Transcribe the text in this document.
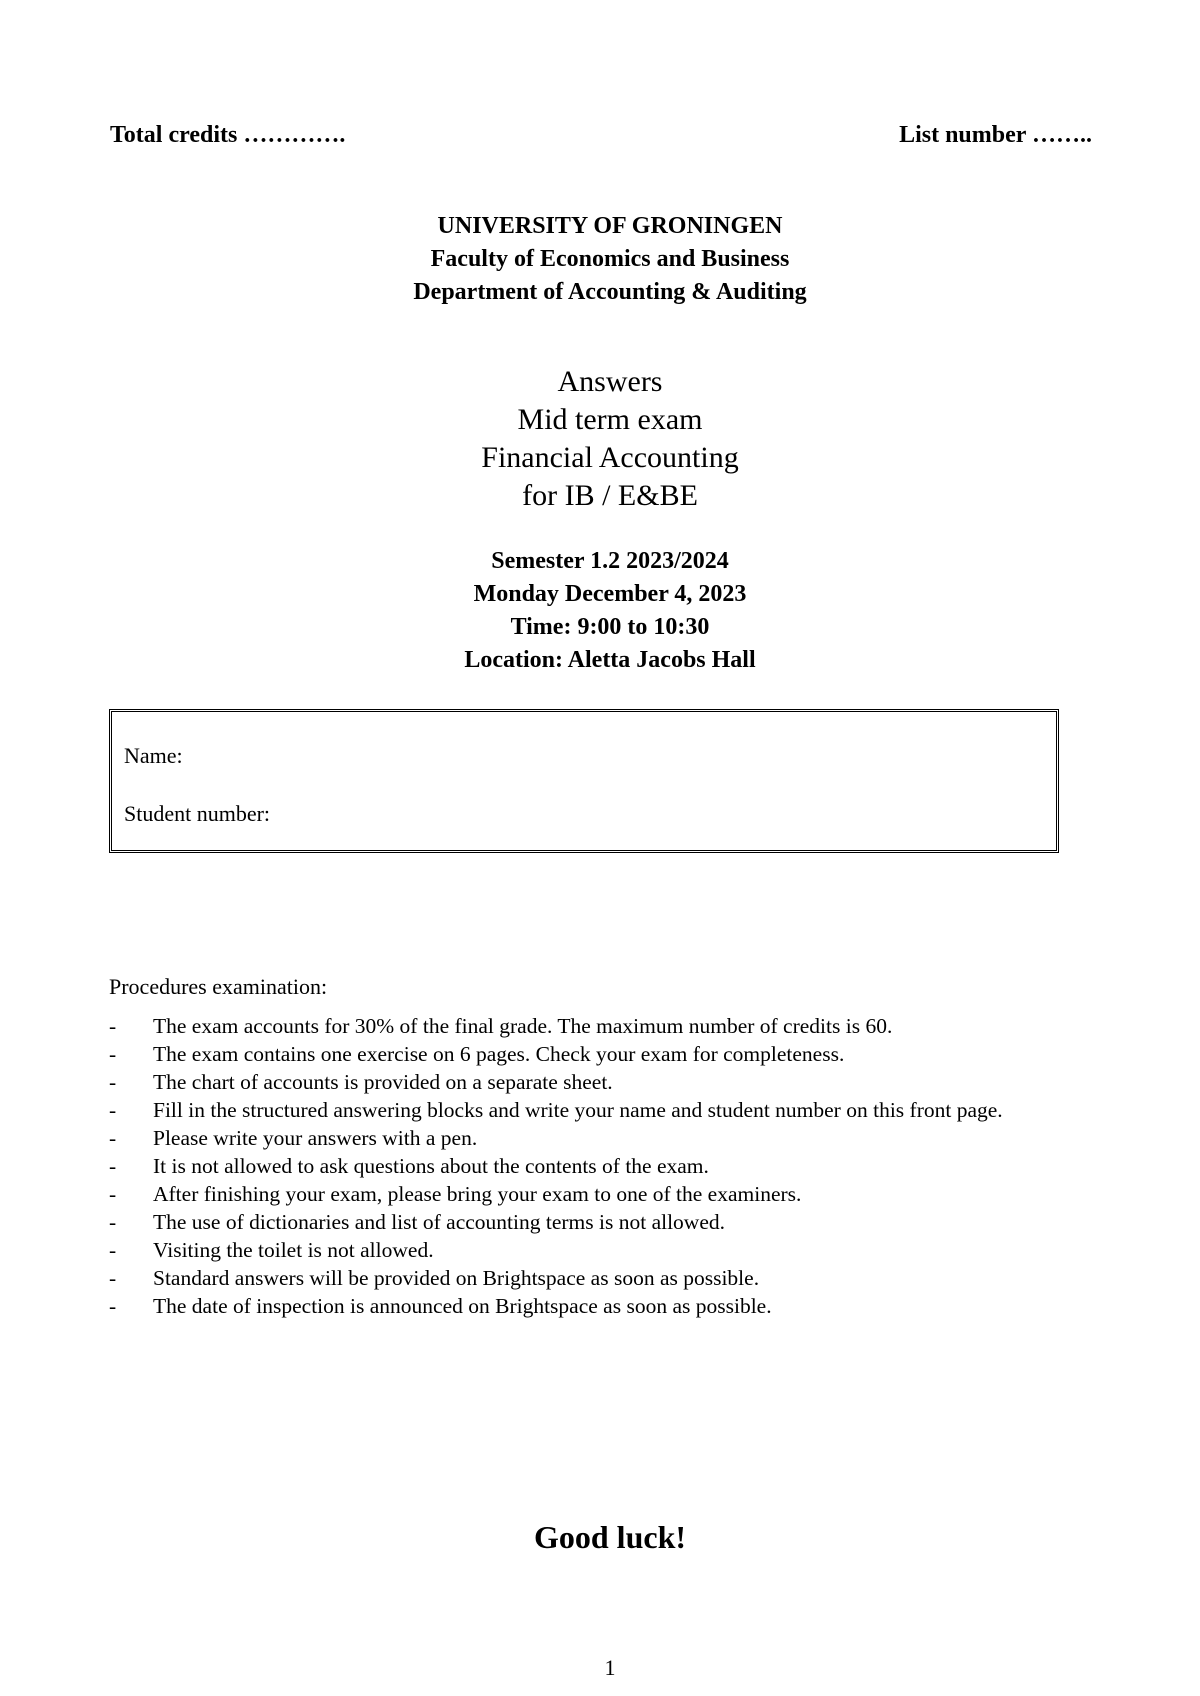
Total credits ………….	List number ……..
UNIVERSITY OF GRONINGEN
Faculty of Economics and Business
Department of Accounting & Auditing
Answers
Mid term exam
Financial Accounting
for IB / E&BE
Semester 1.2 2023/2024
Monday December 4, 2023
Time: 9:00 to 10:30
Location: Aletta Jacobs Hall
Name:
Student number:
Procedures examination:
- The exam accounts for 30% of the final grade. The maximum number of credits is 60.
- The exam contains one exercise on 6 pages. Check your exam for completeness.
- The chart of accounts is provided on a separate sheet.
- Fill in the structured answering blocks and write your name and student number on this front page.
- Please write your answers with a pen.
- It is not allowed to ask questions about the contents of the exam.
- After finishing your exam, please bring your exam to one of the examiners.
- The use of dictionaries and list of accounting terms is not allowed.
- Visiting the toilet is not allowed.
- Standard answers will be provided on Brightspace as soon as possible.
- The date of inspection is announced on Brightspace as soon as possible.
Good luck!
1
